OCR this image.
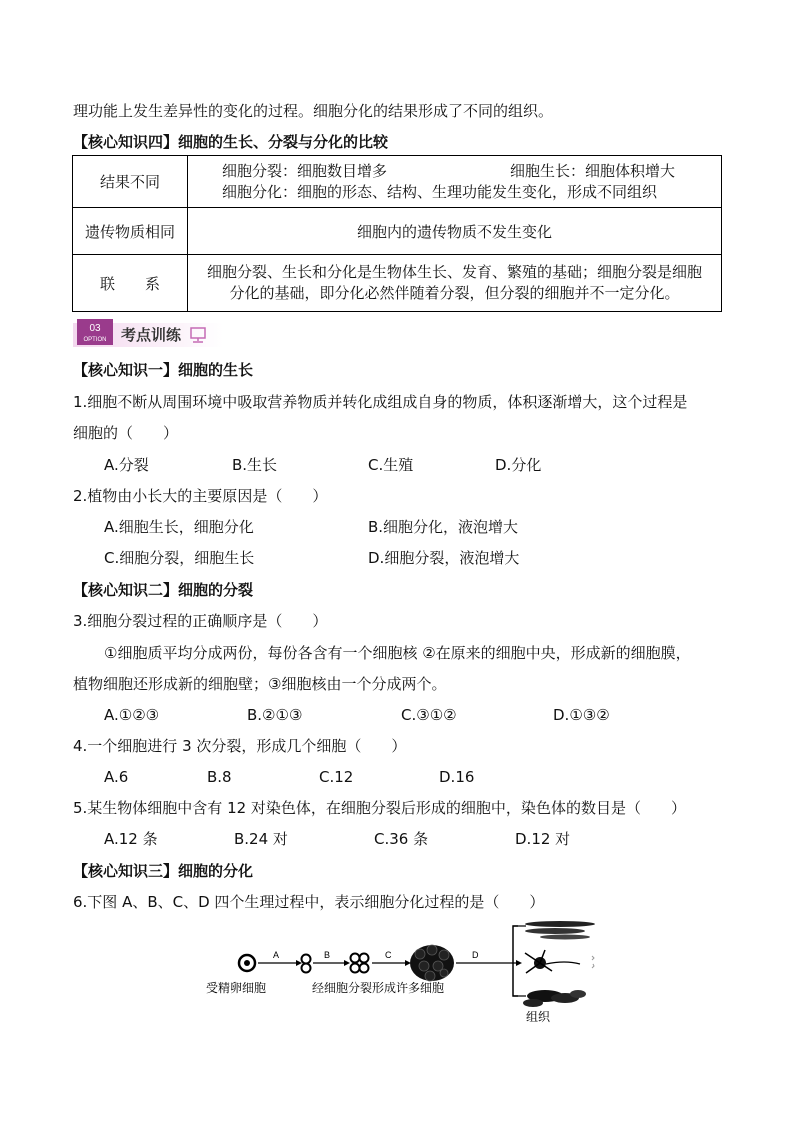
理功能上发生差异性的变化的过程。细胞分化的结果形成了不同的组织。
【核心知识四】细胞的生长、分裂与分化的比较
结果不同	细胞分裂：细胞数目增多 细胞生长：细胞体积增大
细胞分化：细胞的形态、结构、生理功能发生变化，形成不同组织

遗传物质相同	细胞内的遗传物质不发生变化
联　　系	细胞分裂、生长和分化是生物体生长、发育、繁殖的基础；细胞分裂是细胞
分化的基础，即分化必然伴随着分裂，但分裂的细胞并不一定分化。
03
OPTION 考点训练
【核心知识一】细胞的生长
1.细胞不断从周围环境中吸取营养物质并转化成组成自身的物质，体积逐渐增大，这个过程是
细胞的（　　）
A.分裂	B.生长	C.生殖	D.分化
2.植物由小长大的主要原因是（　　）
A.细胞生长，细胞分化	B.细胞分化，液泡增大
C.细胞分裂，细胞生长	D.细胞分裂，液泡增大
【核心知识二】细胞的分裂
3.细胞分裂过程的正确顺序是（　　）
①细胞质平均分成两份，每份各含有一个细胞核 ②在原来的细胞中央，形成新的细胞膜，
植物细胞还形成新的细胞壁；③细胞核由一个分成两个。
A.①②③	B.②①③	C.③①②	D.①③②
4.一个细胞进行 3 次分裂，形成几个细胞（　　）
A.6	B.8	C.12	D.16
5.某生物体细胞中含有 12 对染色体，在细胞分裂后形成的细胞中，染色体的数目是（　　）
A.12 条	B.24 对	C.36 条	D.12 对
【核心知识三】细胞的分化
6.下图 A、B、C、D 四个生理过程中，表示细胞分化过程的是（　　）
A	B	C	D
受精卵细胞	经细胞分裂形成许多细胞
组织
